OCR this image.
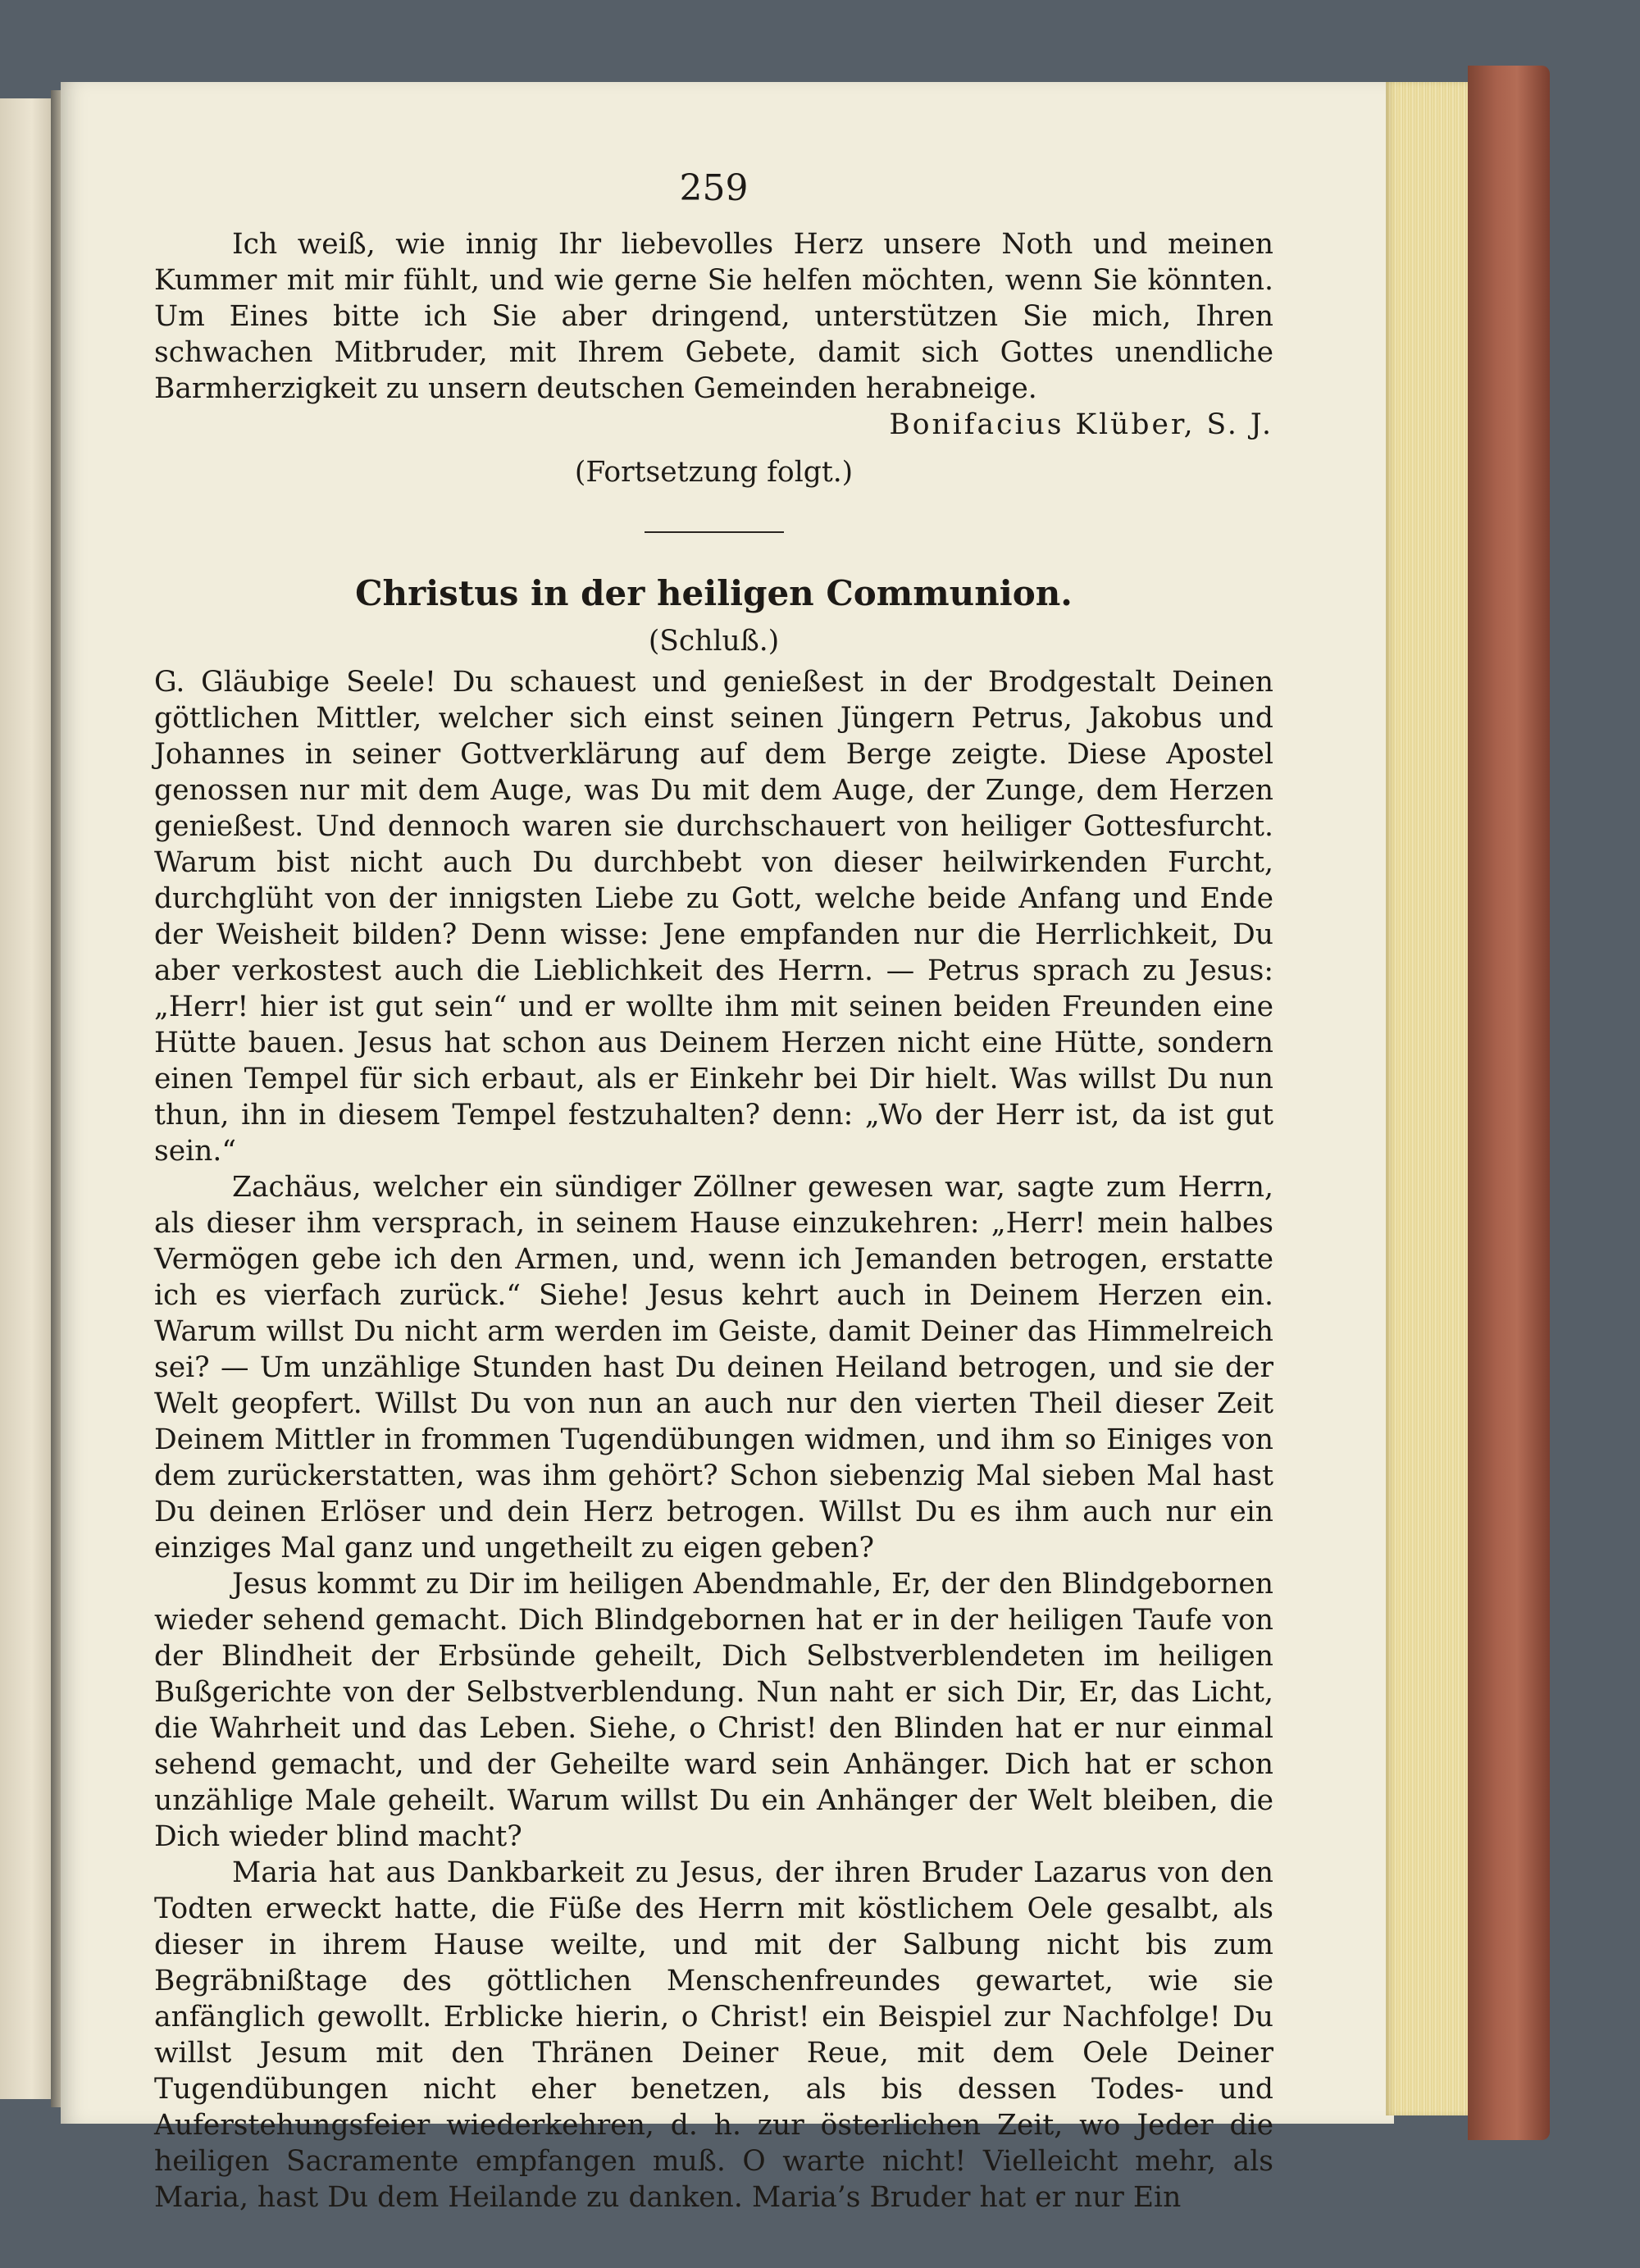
259

Ich weiß, wie innig Ihr liebevolles Herz unsere Noth und meinen Kummer mit mir fühlt, und wie gerne Sie helfen möchten, wenn Sie könnten. Um Eines bitte ich Sie aber dringend, unterstützen Sie mich, Ihren schwachen Mitbruder, mit Ihrem Gebete, damit sich Gottes unendliche Barmherzigkeit zu unsern deutschen Gemeinden herabneige.

Bonifacius Klüber, S. J.

(Fortsetzung folgt.)

Christus in der heiligen Communion.

(Schluß.)

G. Gläubige Seele! Du schauest und genießest in der Brodgestalt Deinen göttlichen Mittler, welcher sich einst seinen Jüngern Petrus, Jakobus und Johannes in seiner Gottverklärung auf dem Berge zeigte. Diese Apostel genossen nur mit dem Auge, was Du mit dem Auge, der Zunge, dem Herzen genießest. Und dennoch waren sie durchschauert von heiliger Gottesfurcht. Warum bist nicht auch Du durchbebt von dieser heilwirkenden Furcht, durchglüht von der innigsten Liebe zu Gott, welche beide Anfang und Ende der Weisheit bilden? Denn wisse: Jene empfanden nur die Herrlichkeit, Du aber verkostest auch die Lieblichkeit des Herrn. — Petrus sprach zu Jesus: „Herr! hier ist gut sein“ und er wollte ihm mit seinen beiden Freunden eine Hütte bauen. Jesus hat schon aus Deinem Herzen nicht eine Hütte, sondern einen Tempel für sich erbaut, als er Einkehr bei Dir hielt. Was willst Du nun thun, ihn in diesem Tempel festzuhalten? denn: „Wo der Herr ist, da ist gut sein.“

Zachäus, welcher ein sündiger Zöllner gewesen war, sagte zum Herrn, als dieser ihm versprach, in seinem Hause einzukehren: „Herr! mein halbes Vermögen gebe ich den Armen, und, wenn ich Jemanden betrogen, erstatte ich es vierfach zurück.“ Siehe! Jesus kehrt auch in Deinem Herzen ein. Warum willst Du nicht arm werden im Geiste, damit Deiner das Himmelreich sei? — Um unzählige Stunden hast Du deinen Heiland betrogen, und sie der Welt geopfert. Willst Du von nun an auch nur den vierten Theil dieser Zeit Deinem Mittler in frommen Tugendübungen widmen, und ihm so Einiges von dem zurückerstatten, was ihm gehört? Schon siebenzig Mal sieben Mal hast Du deinen Erlöser und dein Herz betrogen. Willst Du es ihm auch nur ein einziges Mal ganz und ungetheilt zu eigen geben?

Jesus kommt zu Dir im heiligen Abendmahle, Er, der den Blindgebornen wieder sehend gemacht. Dich Blindgebornen hat er in der heiligen Taufe von der Blindheit der Erbsünde geheilt, Dich Selbstverblendeten im heiligen Bußgerichte von der Selbstverblendung. Nun naht er sich Dir, Er, das Licht, die Wahrheit und das Leben. Siehe, o Christ! den Blinden hat er nur einmal sehend gemacht, und der Geheilte ward sein Anhänger. Dich hat er schon unzählige Male geheilt. Warum willst Du ein Anhänger der Welt bleiben, die Dich wieder blind macht?

Maria hat aus Dankbarkeit zu Jesus, der ihren Bruder Lazarus von den Todten erweckt hatte, die Füße des Herrn mit köstlichem Oele gesalbt, als dieser in ihrem Hause weilte, und mit der Salbung nicht bis zum Begräbnißtage des göttlichen Menschenfreundes gewartet, wie sie anfänglich gewollt. Erblicke hierin, o Christ! ein Beispiel zur Nachfolge! Du willst Jesum mit den Thränen Deiner Reue, mit dem Oele Deiner Tugendübungen nicht eher benetzen, als bis dessen Todes- und Auferstehungsfeier wiederkehren, d. h. zur österlichen Zeit, wo Jeder die heiligen Sacramente empfangen muß. O warte nicht! Vielleicht mehr, als Maria, hast Du dem Heilande zu danken. Maria’s Bruder hat er nur Ein
